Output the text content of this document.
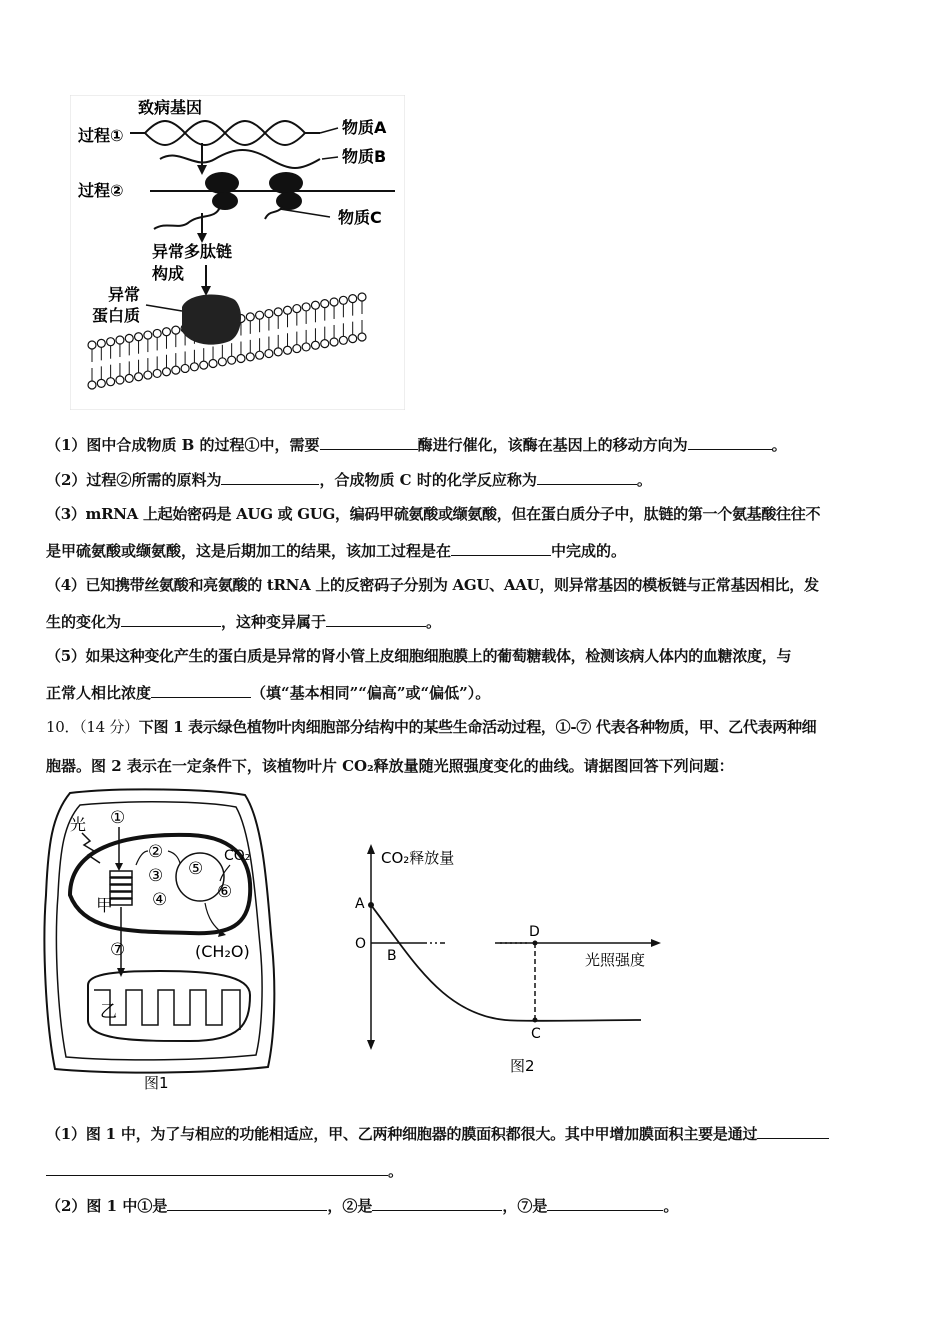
致病基因
过程①	物质A
物质B
过程②
物质C
异常多肽链
构成
异常
蛋白质
（1）图中合成物质 B 的过程①中，需要	酶进行催化，该酶在基因上的移动方向为	。
（2）过程②所需的原料为	，合成物质 C 时的化学反应称为	。
（3）mRNA 上起始密码是 AUG 或 GUG，编码甲硫氨酸或缬氨酸，但在蛋白质分子中，肽链的第一个氨基酸往往不
是甲硫氨酸或缬氨酸，这是后期加工的结果，该加工过程是在	中完成的。
（4）已知携带丝氨酸和亮氨酸的 tRNA 上的反密码子分别为 AGU、AAU，则异常基因的模板链与正常基因相比，发
生的变化为	，这种变异属于	。
（5）如果这种变化产生的蛋白质是异常的肾小管上皮细胞细胞膜上的葡萄糖载体，检测该病人体内的血糖浓度，与
正常人相比浓度	（填“基本相同”“偏高”或“偏低”）。
10．（14 分）下图 1 表示绿色植物叶肉细胞部分结构中的某些生命活动过程，①-⑦ 代表各种物质，甲、乙代表两种细
胞器。图 2 表示在一定条件下，该植物叶片 CO₂释放量随光照强度变化的曲线。请据图回答下列问题：
光 ①
②
③
④
⑤
⑥
CO₂
甲
⑦	(CH₂O)
乙
图1
CO₂释放量
光照强度
O
A
B
D
C
图2
（1）图 1 中，为了与相应的功能相适应，甲、乙两种细胞器的膜面积都很大。其中甲增加膜面积主要是通过
。
（2）图 1 中①是	，②是	，⑦是	。
